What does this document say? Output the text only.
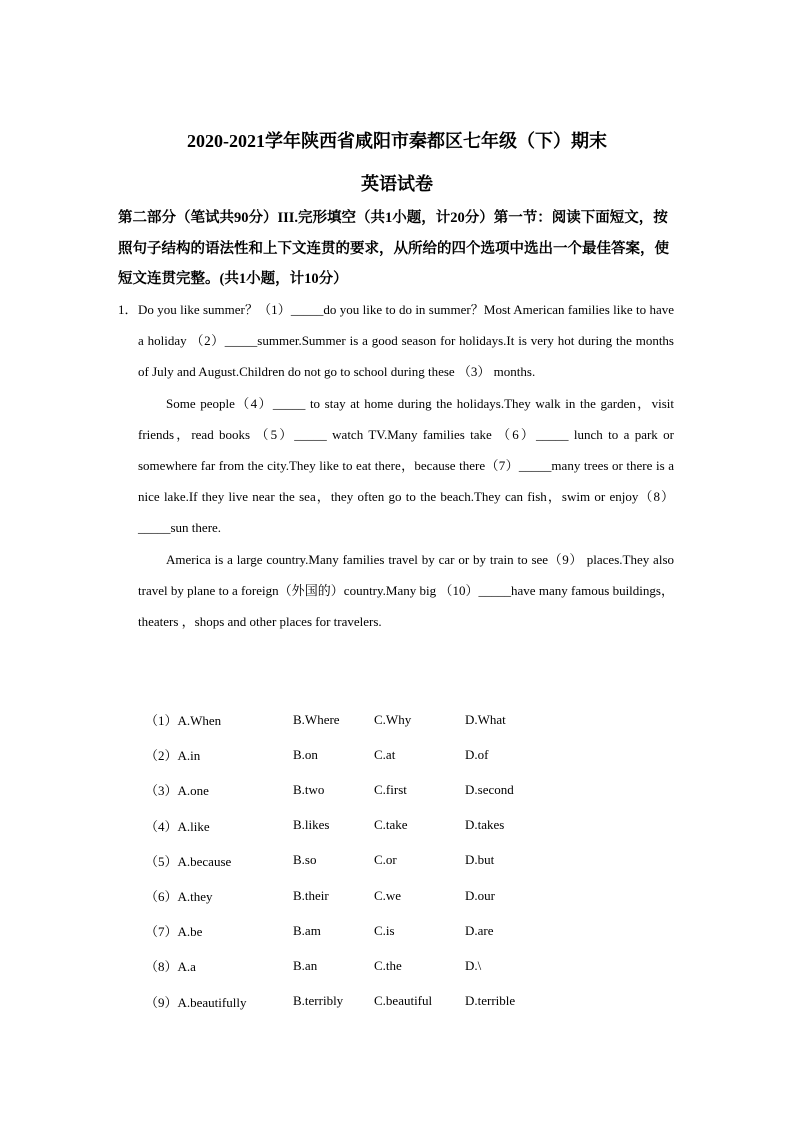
2020-2021学年陕西省咸阳市秦都区七年级（下）期末
英语试卷

第二部分（笔试共90分）III.完形填空（共1小题，计20分）第一节：阅读下面短文，按照句子结构的语法性和上下文连贯的要求，从所给的四个选项中选出一个最佳答案，使短文连贯完整。(共1小题，计10分）

1．Do you like summer？（1）_____do you like to do in summer？Most American families like to have a holiday （2）_____summer.Summer is a good season for holidays.It is very hot during the months of July and August.Children do not go to school during these （3） months.

Some people（4）_____ to stay at home during the holidays.They walk in the garden，visit friends，read books （5）_____ watch TV.Many families take （6）_____ lunch to a park or somewhere far from the city.They like to eat there，because there（7）_____many trees or there is a nice lake.If they live near the sea，they often go to the beach.They can fish，swim or enjoy（8）_____sun there.

America is a large country.Many families travel by car or by train to see（9） places.They also travel by plane to a foreign（外国的）country.Many big （10）_____have many famous buildings，theaters ，shops and other places for travelers.

（1）A.When	B.Where	C.Why	D.What
（2）A.in	B.on	C.at	D.of
（3）A.one	B.two	C.first	D.second
（4）A.like	B.likes	C.take	D.takes
（5）A.because	B.so	C.or	D.but
（6）A.they	B.their	C.we	D.our
（7）A.be	B.am	C.is	D.are
（8）A.a	B.an	C.the	D.\
（9）A.beautifully	B.terribly	C.beautiful	D.terrible
